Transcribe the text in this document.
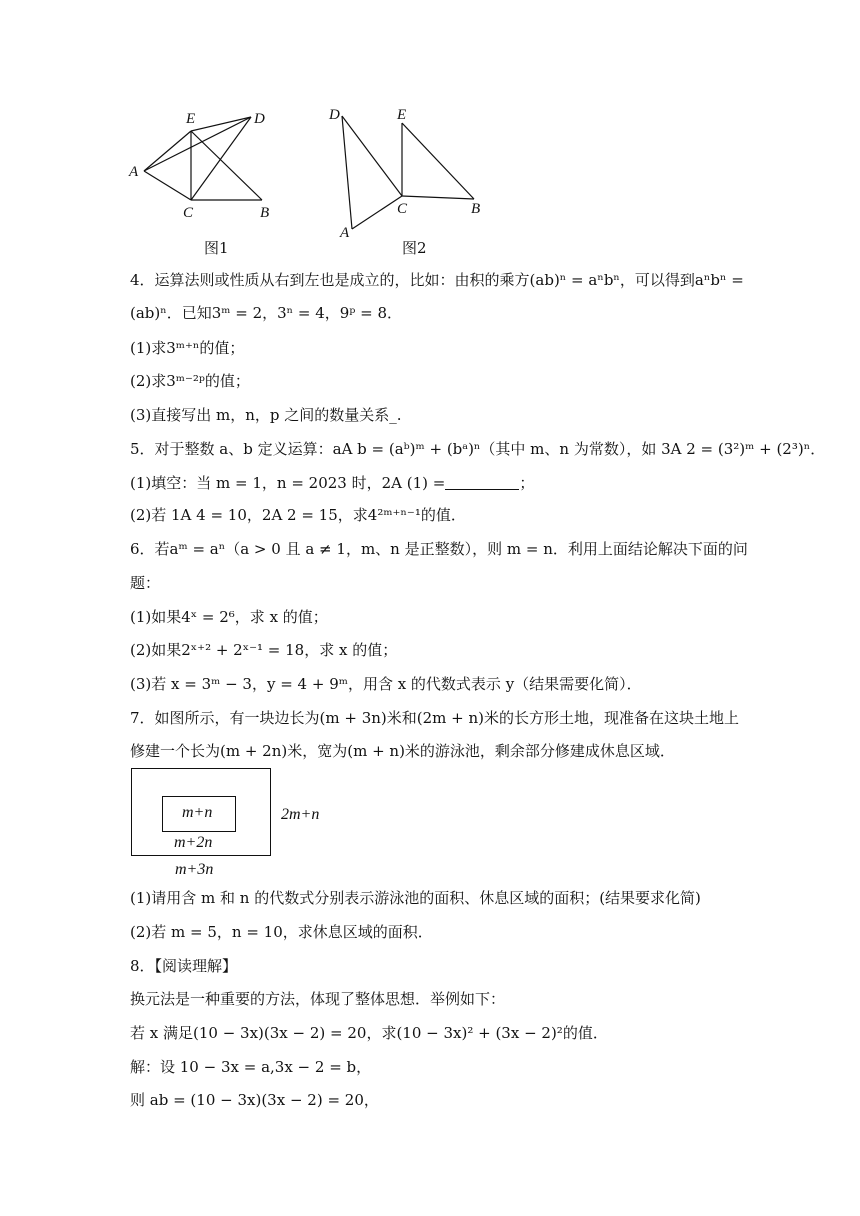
E	D
A
C	B
图1
D	E
C	B
A
图2
4．运算法则或性质从右到左也是成立的，比如：由积的乘方(ab)ⁿ = aⁿbⁿ，可以得到aⁿbⁿ =
(ab)ⁿ．已知3ᵐ = 2，3ⁿ = 4，9ᵖ = 8．
(1)求3ᵐ⁺ⁿ的值；
(2)求3ᵐ⁻²ᵖ的值；
(3)直接写出 m，n，p 之间的数量关系_.
5．对于整数 a、b 定义运算：aA b = (aᵇ)ᵐ + (bᵃ)ⁿ（其中 m、n 为常数），如 3A 2 = (3²)ᵐ + (2³)ⁿ．
(1)填空：当 m = 1，n = 2023 时，2A (1) =	；
(2)若 1A 4 = 10，2A 2 = 15，求4²ᵐ⁺ⁿ⁻¹的值．
6．若aᵐ = aⁿ（a > 0 且 a ≠ 1，m、n 是正整数），则 m = n．利用上面结论解决下面的问
题：
(1)如果4ˣ = 2⁶，求 x 的值；
(2)如果2ˣ⁺² + 2ˣ⁻¹ = 18，求 x 的值；
(3)若 x = 3ᵐ − 3，y = 4 + 9ᵐ，用含 x 的代数式表示 y（结果需要化简）．
7．如图所示，有一块边长为(m + 3n)米和(2m + n)米的长方形土地，现准备在这块土地上
修建一个长为(m + 2n)米，宽为(m + n)米的游泳池，剩余部分修建成休息区域．
m+n	2m+n
m+2n
m+3n
(1)请用含 m 和 n 的代数式分别表示游泳池的面积、休息区域的面积；(结果要求化简)
(2)若 m = 5，n = 10，求休息区域的面积．
8．【阅读理解】
换元法是一种重要的方法，体现了整体思想．举例如下：
若 x 满足(10 − 3x)(3x − 2) = 20，求(10 − 3x)² + (3x − 2)²的值．
解：设 10 − 3x = a,3x − 2 = b，
则 ab = (10 − 3x)(3x − 2) = 20，
